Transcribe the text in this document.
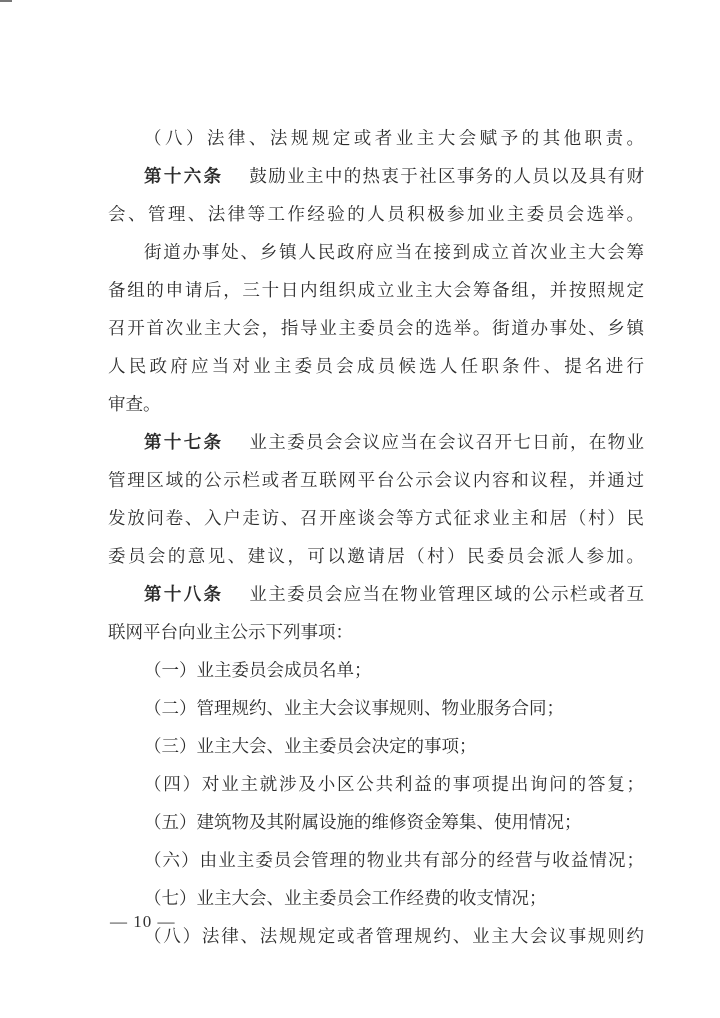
（八）法律、法规规定或者业主大会赋予的其他职责。
第十六条 鼓励业主中的热衷于社区事务的人员以及具有财
会、管理、法律等工作经验的人员积极参加业主委员会选举。
街道办事处、乡镇人民政府应当在接到成立首次业主大会筹
备组的申请后，三十日内组织成立业主大会筹备组，并按照规定
召开首次业主大会，指导业主委员会的选举。街道办事处、乡镇
人民政府应当对业主委员会成员候选人任职条件、提名进行
审查。
第十七条 业主委员会会议应当在会议召开七日前，在物业
管理区域的公示栏或者互联网平台公示会议内容和议程，并通过
发放问卷、入户走访、召开座谈会等方式征求业主和居（村）民
委员会的意见、建议，可以邀请居（村）民委员会派人参加。
第十八条 业主委员会应当在物业管理区域的公示栏或者互
联网平台向业主公示下列事项：
（一）业主委员会成员名单；
（二）管理规约、业主大会议事规则、物业服务合同；
（三）业主大会、业主委员会决定的事项；
（四）对业主就涉及小区公共利益的事项提出询问的答复；
（五）建筑物及其附属设施的维修资金筹集、使用情况；
（六）由业主委员会管理的物业共有部分的经营与收益情况；
（七）业主大会、业主委员会工作经费的收支情况；
（八）法律、法规规定或者管理规约、业主大会议事规则约
— 10 —
